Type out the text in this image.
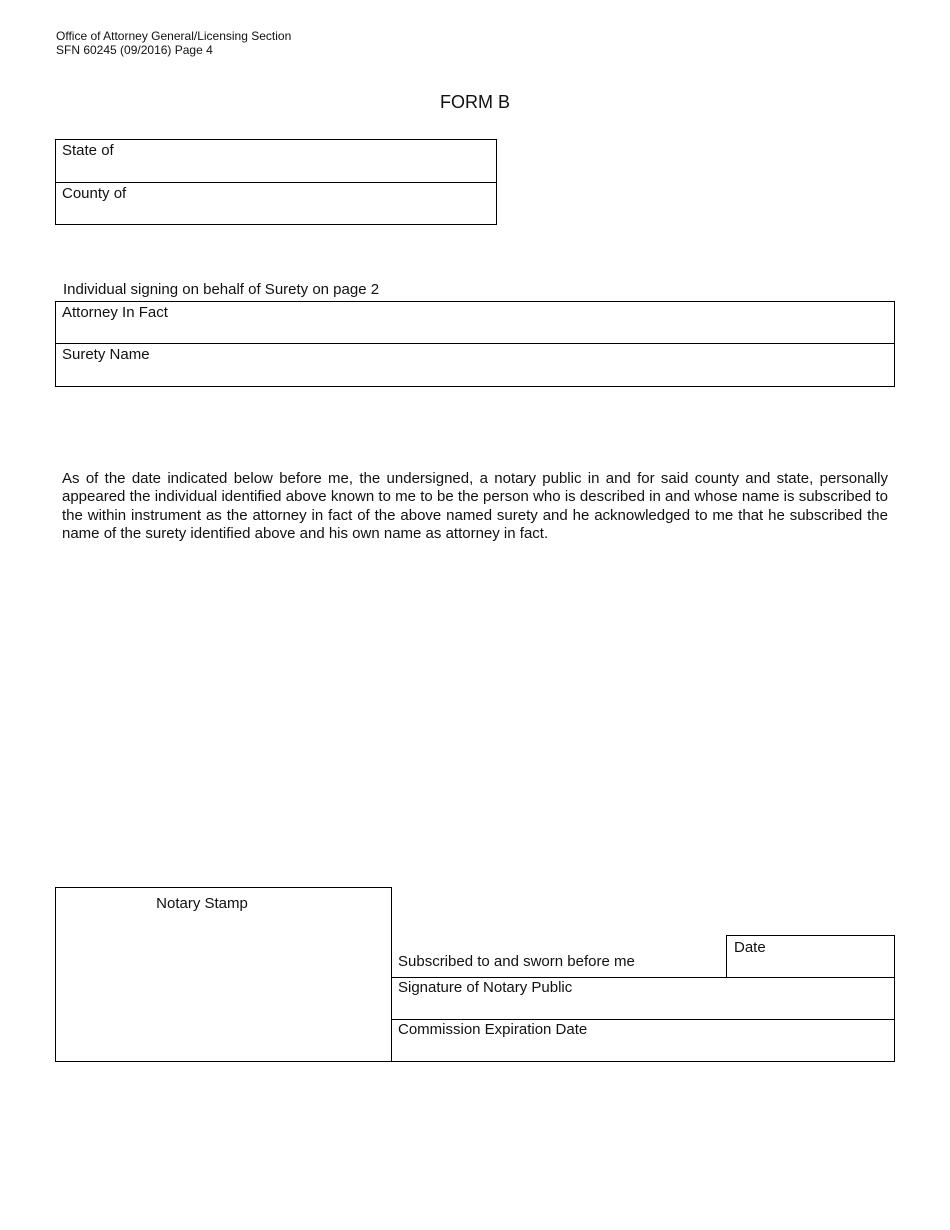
Office of Attorney General/Licensing Section
SFN 60245 (09/2016) Page 4
FORM B
State of
County of
Individual signing on behalf of Surety on page 2
Attorney In Fact
Surety Name
As of the date indicated below before me, the undersigned, a notary public in and for said county and state, personally appeared the individual identified above known to me to be the person who is described in and whose name is subscribed to the within instrument as the attorney in fact of the above named surety and he acknowledged to me that he subscribed the name of the surety identified above and his own name as attorney in fact.
Notary Stamp
Subscribed to and sworn before me
Date
Signature of Notary Public
Commission Expiration Date
